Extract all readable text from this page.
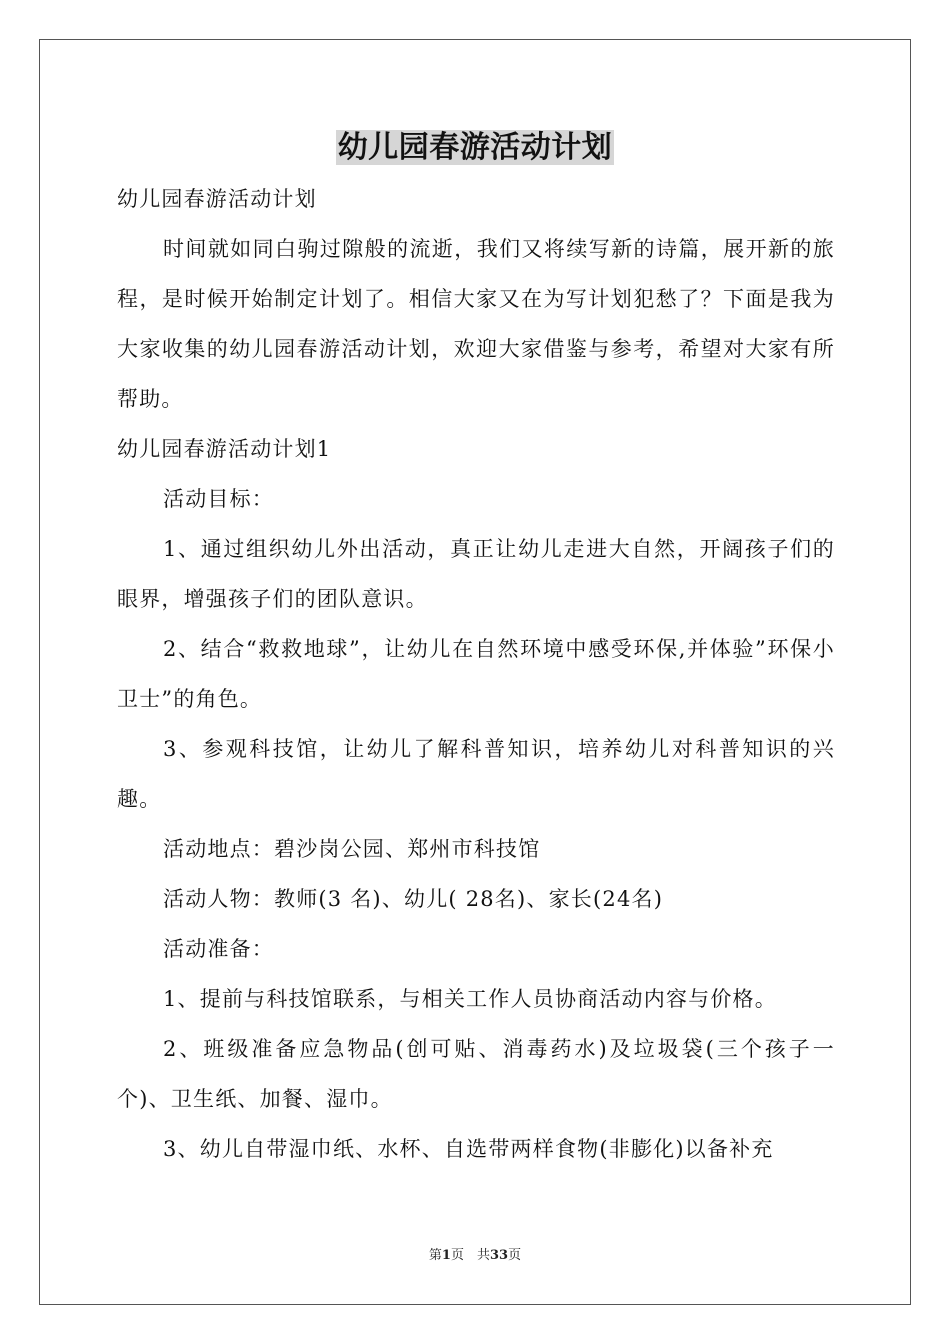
幼儿园春游活动计划

幼儿园春游活动计划

时间就如同白驹过隙般的流逝，我们又将续写新的诗篇，展开新的旅程，是时候开始制定计划了。相信大家又在为写计划犯愁了？下面是我为大家收集的幼儿园春游活动计划，欢迎大家借鉴与参考，希望对大家有所帮助。

幼儿园春游活动计划1

活动目标：

1、通过组织幼儿外出活动，真正让幼儿走进大自然，开阔孩子们的眼界，增强孩子们的团队意识。

2、结合“救救地球”，让幼儿在自然环境中感受环保,并体验”环保小卫士”的角色。

3、参观科技馆，让幼儿了解科普知识，培养幼儿对科普知识的兴趣。

活动地点：碧沙岗公园、郑州市科技馆

活动人物：教师(3 名)、幼儿( 28名)、家长(24名)

活动准备：

1、提前与科技馆联系，与相关工作人员协商活动内容与价格。

2、班级准备应急物品(创可贴、消毒药水)及垃圾袋(三个孩子一个)、卫生纸、加餐、湿巾。

3、幼儿自带湿巾纸、水杯、自选带两样食物(非膨化)以备补充

第1页　共33页
